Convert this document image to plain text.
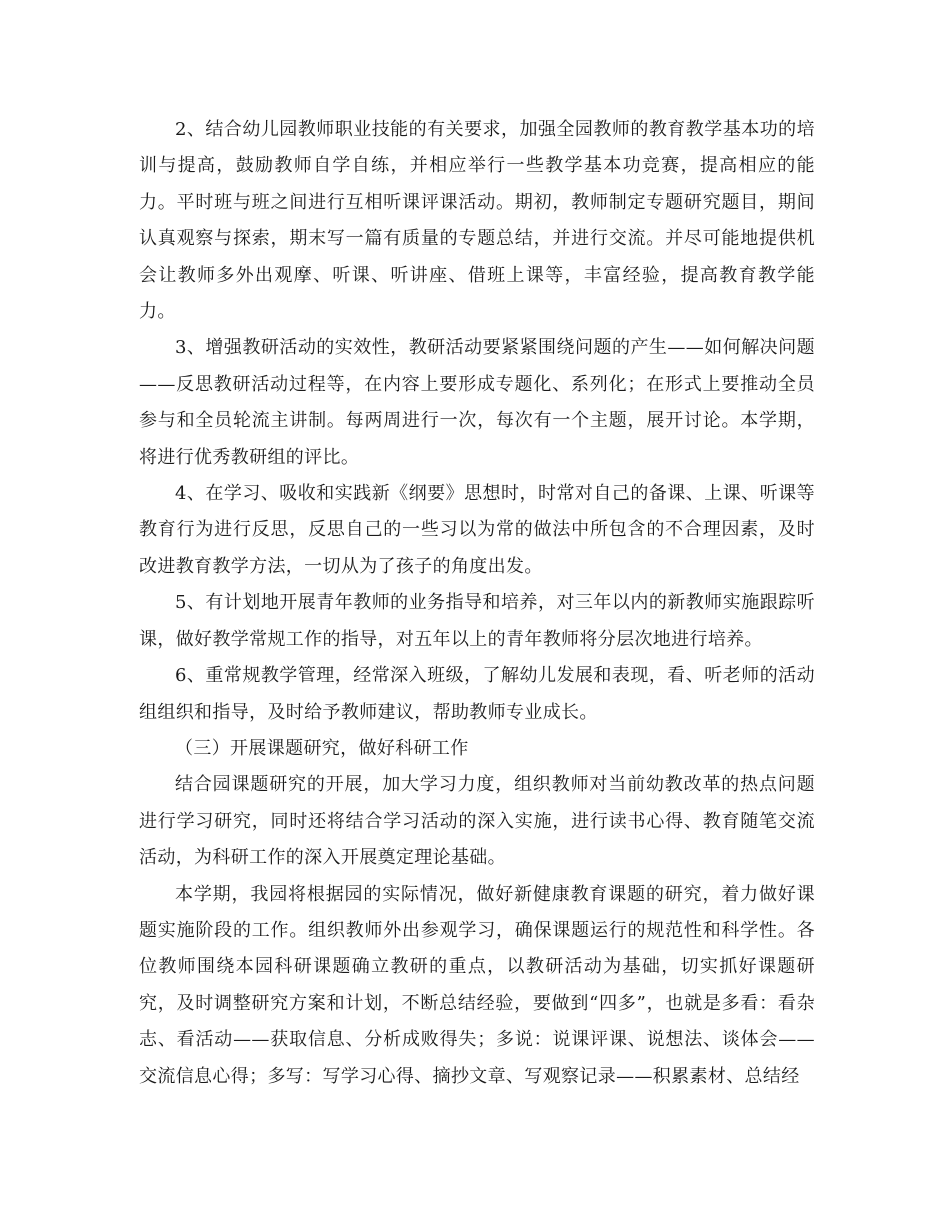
2、结合幼儿园教师职业技能的有关要求，加强全园教师的教育教学基本功的培训与提高，鼓励教师自学自练，并相应举行一些教学基本功竞赛，提高相应的能力。平时班与班之间进行互相听课评课活动。期初，教师制定专题研究题目，期间认真观察与探索，期末写一篇有质量的专题总结，并进行交流。并尽可能地提供机会让教师多外出观摩、听课、听讲座、借班上课等，丰富经验，提高教育教学能力。

3、增强教研活动的实效性，教研活动要紧紧围绕问题的产生——如何解决问题——反思教研活动过程等，在内容上要形成专题化、系列化；在形式上要推动全员参与和全员轮流主讲制。每两周进行一次，每次有一个主题，展开讨论。本学期，将进行优秀教研组的评比。

4、在学习、吸收和实践新《纲要》思想时，时常对自己的备课、上课、听课等教育行为进行反思，反思自己的一些习以为常的做法中所包含的不合理因素，及时改进教育教学方法，一切从为了孩子的角度出发。

5、有计划地开展青年教师的业务指导和培养，对三年以内的新教师实施跟踪听课，做好教学常规工作的指导，对五年以上的青年教师将分层次地进行培养。

6、重常规教学管理，经常深入班级，了解幼儿发展和表现，看、听老师的活动组组织和指导，及时给予教师建议，帮助教师专业成长。

（三）开展课题研究，做好科研工作

结合园课题研究的开展，加大学习力度，组织教师对当前幼教改革的热点问题进行学习研究，同时还将结合学习活动的深入实施，进行读书心得、教育随笔交流活动，为科研工作的深入开展奠定理论基础。

本学期，我园将根据园的实际情况，做好新健康教育课题的研究，着力做好课题实施阶段的工作。组织教师外出参观学习，确保课题运行的规范性和科学性。各位教师围绕本园科研课题确立教研的重点，以教研活动为基础，切实抓好课题研究，及时调整研究方案和计划，不断总结经验，要做到“四多”，也就是多看：看杂志、看活动——获取信息、分析成败得失；多说：说课评课、说想法、谈体会——交流信息心得；多写：写学习心得、摘抄文章、写观察记录——积累素材、总结经
